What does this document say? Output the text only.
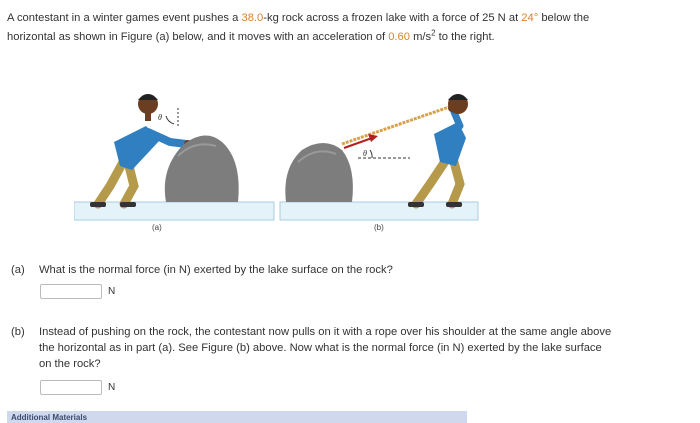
A contestant in a winter games event pushes a 38.0-kg rock across a frozen lake with a force of 25 N at 24° below the
horizontal as shown in Figure (a) below, and it moves with an acceleration of 0.60 $m/s^2$ to the right.
θ
θ
(a)	(b)
(a) What is the normal force (in N) exerted by the lake surface on the rock?
N
(b) Instead of pushing on the rock, the contestant now pulls on it with a rope over his shoulder at the same angle above
the horizontal as in part (a). See Figure (b) above. Now what is the normal force (in N) exerted by the lake surface
on the rock?
N
Additional Materials
